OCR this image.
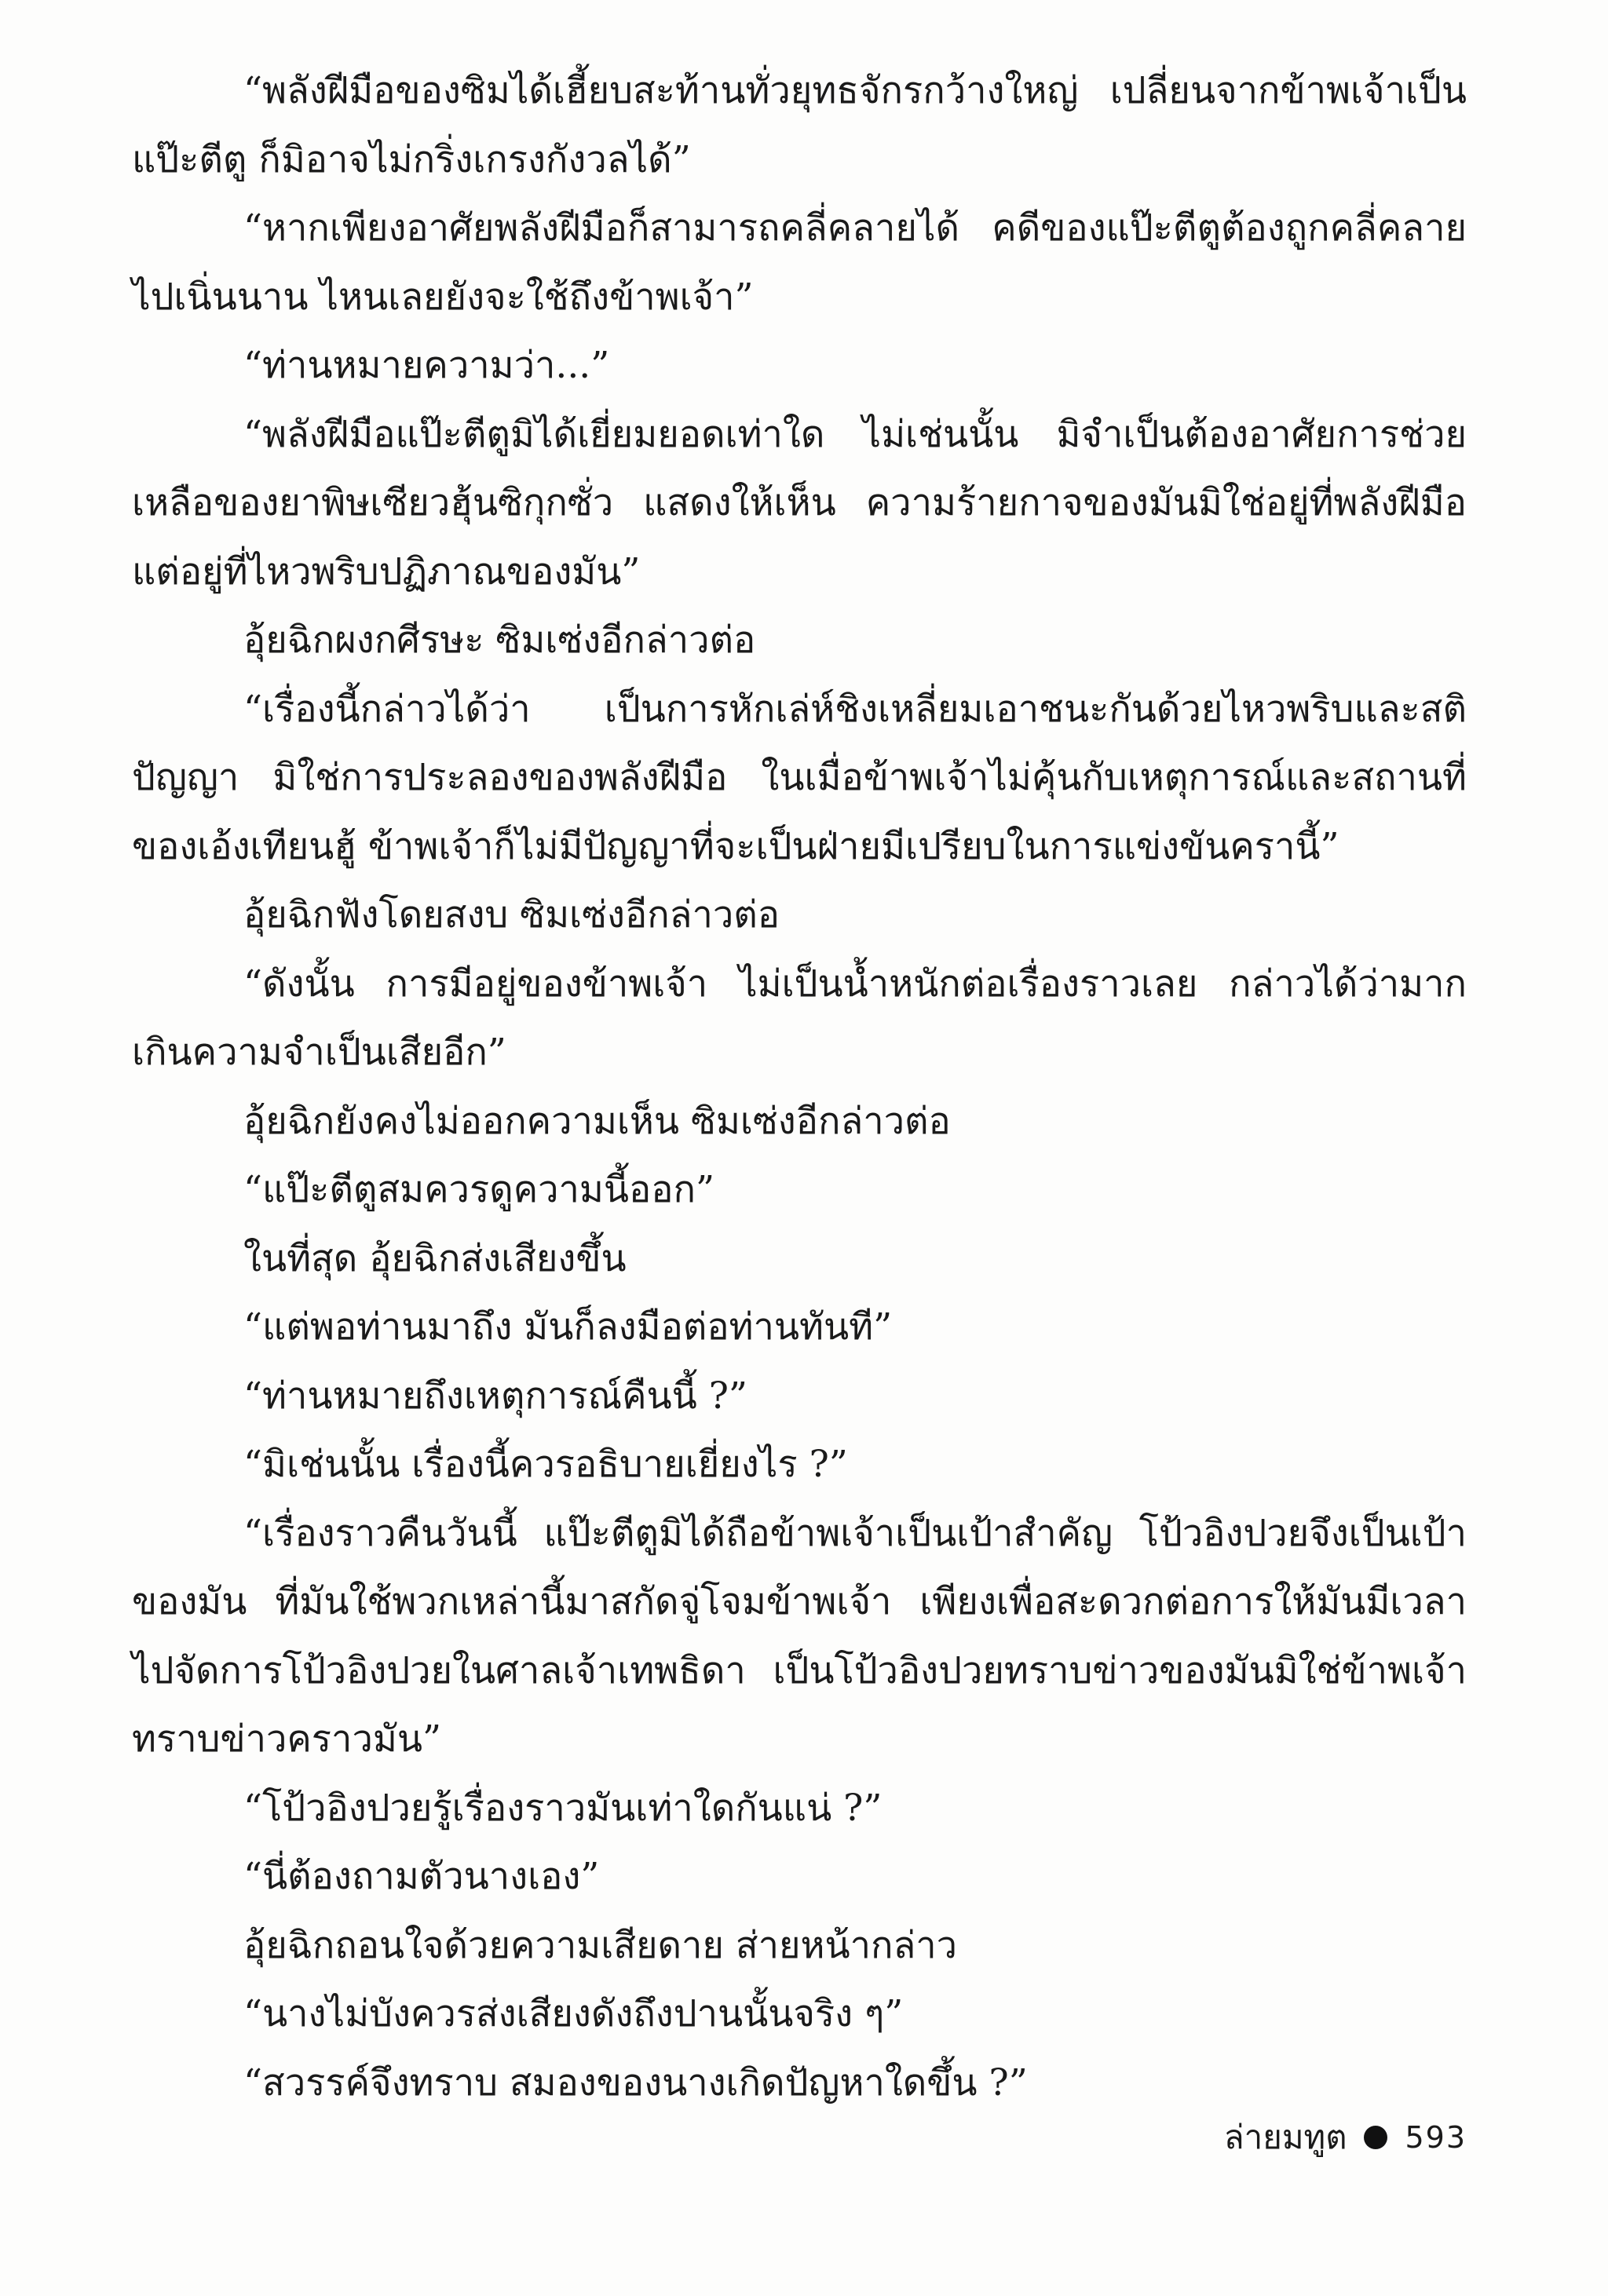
“พลังฝีมือของซิมได้เฮี้ยบสะท้านทั่วยุทธจักรกว้างใหญ่ เปลี่ยนจากข้าพเจ้าเป็นแป๊ะตีตู ก็มิอาจไม่กริ่งเกรงกังวลได้”

“หากเพียงอาศัยพลังฝีมือก็สามารถคลี่คลายได้ คดีของแป๊ะตีตูต้องถูกคลี่คลายไปเนิ่นนาน ไหนเลยยังจะใช้ถึงข้าพเจ้า”

“ท่านหมายความว่า...”

“พลังฝีมือแป๊ะตีตูมิได้เยี่ยมยอดเท่าใด ไม่เช่นนั้น มิจำเป็นต้องอาศัยการช่วยเหลือของยาพิษเซียวฮุ้นซิกุกซั่ว แสดงให้เห็น ความร้ายกาจของมันมิใช่อยู่ที่พลังฝีมือแต่อยู่ที่ไหวพริบปฏิภาณของมัน”

อุ้ยฉิกผงกศีรษะ ซิมเซ่งอีกล่าวต่อ

“เรื่องนี้กล่าวได้ว่า เป็นการหักเล่ห์ชิงเหลี่ยมเอาชนะกันด้วยไหวพริบและสติปัญญา มิใช่การประลองของพลังฝีมือ ในเมื่อข้าพเจ้าไม่คุ้นกับเหตุการณ์และสถานที่ของเอ้งเทียนฮู้ ข้าพเจ้าก็ไม่มีปัญญาที่จะเป็นฝ่ายมีเปรียบในการแข่งขันครานี้”

อุ้ยฉิกฟังโดยสงบ ซิมเซ่งอีกล่าวต่อ

“ดังนั้น การมีอยู่ของข้าพเจ้า ไม่เป็นน้ำหนักต่อเรื่องราวเลย กล่าวได้ว่ามากเกินความจำเป็นเสียอีก”

อุ้ยฉิกยังคงไม่ออกความเห็น ซิมเซ่งอีกล่าวต่อ

“แป๊ะตีตูสมควรดูความนี้ออก”

ในที่สุด อุ้ยฉิกส่งเสียงขึ้น

“แต่พอท่านมาถึง มันก็ลงมือต่อท่านทันที”

“ท่านหมายถึงเหตุการณ์คืนนี้ ?”

“มิเช่นนั้น เรื่องนี้ควรอธิบายเยี่ยงไร ?”

“เรื่องราวคืนวันนี้ แป๊ะตีตูมิได้ถือข้าพเจ้าเป็นเป้าสำคัญ โป้วอิงปวยจึงเป็นเป้าของมัน ที่มันใช้พวกเหล่านี้มาสกัดจู่โจมข้าพเจ้า เพียงเพื่อสะดวกต่อการให้มันมีเวลาไปจัดการโป้วอิงปวยในศาลเจ้าเทพธิดา เป็นโป้วอิงปวยทราบข่าวของมันมิใช่ข้าพเจ้าทราบข่าวคราวมัน”

“โป้วอิงปวยรู้เรื่องราวมันเท่าใดกันแน่ ?”

“นี่ต้องถามตัวนางเอง”

อุ้ยฉิกถอนใจด้วยความเสียดาย ส่ายหน้ากล่าว

“นางไม่บังควรส่งเสียงดังถึงปานนั้นจริง ๆ”

“สวรรค์จึงทราบ สมองของนางเกิดปัญหาใดขึ้น ?”

ล่ายมทูต 593
